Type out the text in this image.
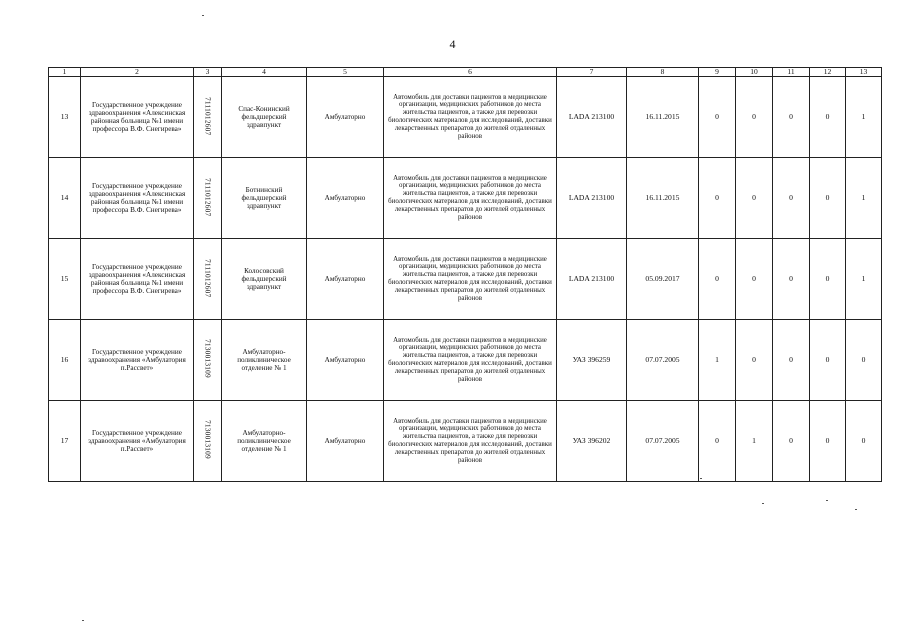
4
1	2	3	4	5	6	7	8	9	10	11	12	13
13	Государственное учреждение здравоохранения «Алексинская районная больница №1 имени профессора В.Ф. Снегирева»	7111012607	Спас-Конинский фельдшерский здравпункт	Амбулаторно	Автомобиль для доставки пациентов в медицинские организации, медицинских работников до места жительства пациентов, а также для перевозки биологических материалов для исследований, доставки лекарственных препаратов до жителей отдаленных районов	LADA 213100	16.11.2015	0	0	0	0	1
14	Государственное учреждение здравоохранения «Алексинская районная больница №1 имени профессора В.Ф. Снегирева»	7111012607	Ботнинский фельдшерский здравпункт	Амбулаторно	Автомобиль для доставки пациентов в медицинские организации, медицинских работников до места жительства пациентов, а также для перевозки биологических материалов для исследований, доставки лекарственных препаратов до жителей отдаленных районов	LADA 213100	16.11.2015	0	0	0	0	1
15	Государственное учреждение здравоохранения «Алексинская районная больница №1 имени профессора В.Ф. Снегирева»	7111012607	Колосовский фельдшерский здравпункт	Амбулаторно	Автомобиль для доставки пациентов в медицинские организации, медицинских работников до места жительства пациентов, а также для перевозки биологических материалов для исследований, доставки лекарственных препаратов до жителей отдаленных районов	LADA 213100	05.09.2017	0	0	0	0	1
16	Государственное учреждение здравоохранения «Амбулатория п.Рассвет»	7130013109	Амбулаторно-поликлиническое отделение № 1	Амбулаторно	Автомобиль для доставки пациентов в медицинские организации, медицинских работников до места жительства пациентов, а также для перевозки биологических материалов для исследований, доставки лекарственных препаратов до жителей отдаленных районов	УАЗ 396259	07.07.2005	1	0	0	0	0
17	Государственное учреждение здравоохранения «Амбулатория п.Рассвет»	7130013109	Амбулаторно-поликлиническое отделение № 1	Амбулаторно	Автомобиль для доставки пациентов в медицинские организации, медицинских работников до места жительства пациентов, а также для перевозки биологических материалов для исследований, доставки лекарственных препаратов до жителей отдаленных районов	УАЗ 396202	07.07.2005	0	1	0	0	0
